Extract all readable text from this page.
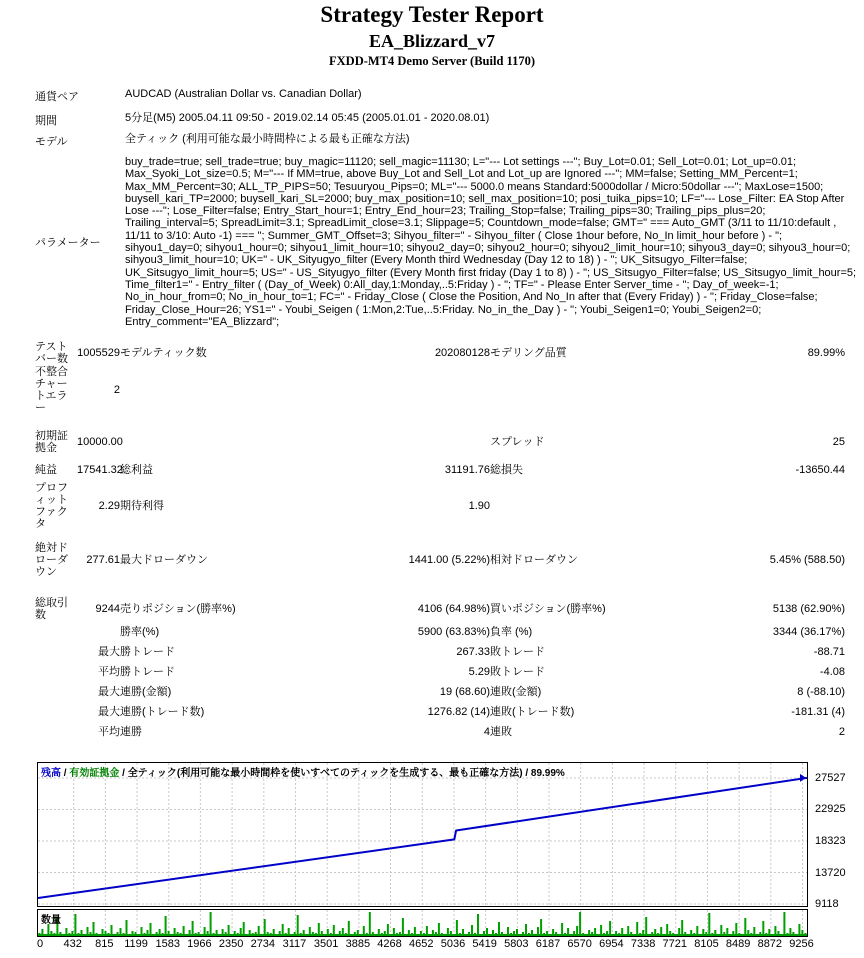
Strategy Tester Report
EA_Blizzard_v7
FXDD-MT4 Demo Server (Build 1170)
通貨ペア	AUDCAD (Australian Dollar vs. Canadian Dollar)
期間	5分足(M5) 2005.04.11 09:50 - 2019.02.14 05:45 (2005.01.01 - 2020.08.01)
モデル	全ティック (利用可能な最小時間枠による最も正確な方法)
パラメーター
buy_trade=true; sell_trade=true; buy_magic=11120; sell_magic=11130; L="--- Lot settings ---"; Buy_Lot=0.01; Sell_Lot=0.01; Lot_up=0.01; Max_Syoki_Lot_size=0.5; M="--- If MM=true, above Buy_Lot and Sell_Lot and Lot_up are Ignored ---"; MM=false; Setting_MM_Percent=1; Max_MM_Percent=30; ALL_TP_PIPS=50; Tesuuryou_Pips=0; ML="--- 5000.0 means Standard:5000dollar / Micro:50dollar ---"; MaxLose=1500; buysell_kari_TP=2000; buysell_kari_SL=2000; buy_max_position=10; sell_max_position=10; posi_tuika_pips=10; LF="--- Lose_Filter: EA Stop After Lose ---"; Lose_Filter=false; Entry_Start_hour=1; Entry_End_hour=23; Trailing_Stop=false; Trailing_pips=30; Trailing_pips_plus=20; Trailing_interval=5; SpreadLimit=3.1; SpreadLimit_close=3.1; Slippage=5; Countdown_mode=false; GMT=" === Auto_GMT (3/11 to 11/10:default , 11/11 to 3/10: Auto -1) === "; Summer_GMT_Offset=3; Sihyou_filter=" - Sihyou_filter ( Close 1hour before, No_In limit_hour before ) - "; sihyou1_day=0; sihyou1_hour=0; sihyou1_limit_hour=10; sihyou2_day=0; sihyou2_hour=0; sihyou2_limit_hour=10; sihyou3_day=0; sihyou3_hour=0; sihyou3_limit_hour=10; UK=" - UK_Sityugyo_filter (Every Month third Wednesday (Day 12 to 18) ) - "; UK_Sitsugyo_Filter=false; UK_Sitsugyo_limit_hour=5; US=" - US_Sityugyo_filter (Every Month first friday (Day 1 to 8) ) - "; US_Sitsugyo_Filter=false; US_Sitsugyo_limit_hour=5; Time_filter1=" - Entry_filter ( (Day_of_Week) 0:All_day,1:Monday,..5:Friday ) - "; TF=" - Please Enter Server_time - "; Day_of_week=-1; No_in_hour_from=0; No_in_hour_to=1; FC=" - Friday_Close ( Close the Position, And No_In after that (Every Friday) ) - "; Friday_Close=false; Friday_Close_Hour=26; YS1=" - Youbi_Seigen ( 1:Mon,2:Tue,..5:Friday. No_in_the_Day ) - "; Youbi_Seigen1=0; Youbi_Seigen2=0; Entry_comment="EA_Blizzard";
テストバー数	1005529	モデルティック数	202080128	モデリング品質	89.99%
不整合チャートエラー	2				
初期証拠金	10000.00			スプレッド	25
純益	17541.32	総利益	31191.76	総損失	-13650.44
プロフィットファクタ	2.29	期待利得	1.90		
絶対ドローダウン	277.61	最大ドローダウン	1441.00 (5.22%)	相対ドローダウン	5.45% (588.50)
総取引数	9244	売りポジション(勝率%)	4106 (64.98%)	買いポジション(勝率%)	5138 (62.90%)
		勝率(%)	5900 (63.83%)	負率 (%)	3344 (36.17%)
	最大	勝トレード	267.33	敗トレード	-88.71
	平均	勝トレード	5.29	敗トレード	-4.08
	最大	連勝(金額)	19 (68.60)	連敗(金額)	8 (-88.10)
	最大	連勝(トレード数)	1276.82 (14)	連敗(トレード数)	-181.31 (4)
	平均	連勝	4	連敗	2
残高 / 有効証拠金 / 全ティック(利用可能な最小時間枠を使いすべてのティックを生成する、最も正確な方法) / 89.99%	27527
22925
18323
13720
9118
数量
0 432 815 1199 1583 1966 2350 2734 3117 3501 3885 4268 4652 5036 5419 5803 6187 6570 6954 7338 7721 8105 8489 8872 9256
